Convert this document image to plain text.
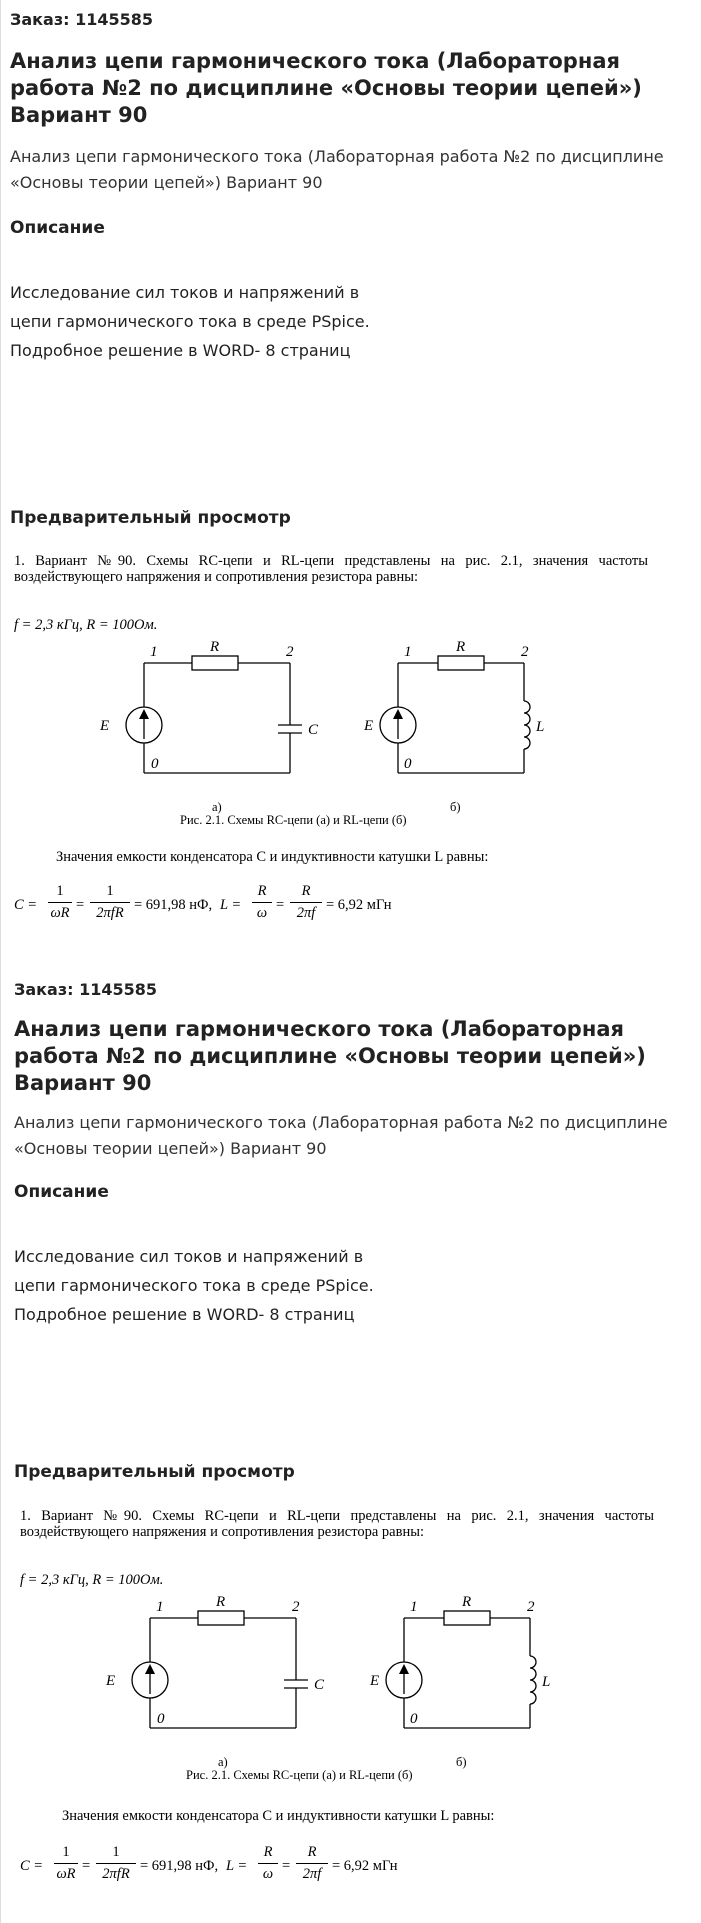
Заказ: 1145585
Анализ цепи гармонического тока (Лабораторная работа №2 по дисциплине «Основы теории цепей») Вариант 90
Анализ цепи гармонического тока (Лабораторная работа №2 по дисциплине «Основы теории цепей») Вариант 90
Описание
Исследование сил токов и напряжений в
цепи гармонического тока в среде PSpice.
Подробное решение в WORD- 8 страниц
Предварительный просмотр
1. Вариант №90. Схемы RC-цепи и RL-цепи представлены на рис. 2.1, значения частоты воздействующего напряжения и сопротивления резистора равны:
f = 2,3 кГц, R = 100Ом.
1	2
0
R
E	C
1	2
0
R
E	L
а)	б)
Рис. 2.1. Схемы RC-цепи (а) и RL-цепи (б)
Значения емкости конденсатора C и индуктивности катушки L равны:
C =
1
ωR =
1
2πfR = 691,98 нФ, L =
R
ω =
R
2πf = 6,92 мГн
Заказ: 1145585
Анализ цепи гармонического тока (Лабораторная работа №2 по дисциплине «Основы теории цепей») Вариант 90
Анализ цепи гармонического тока (Лабораторная работа №2 по дисциплине «Основы теории цепей») Вариант 90
Описание
Исследование сил токов и напряжений в
цепи гармонического тока в среде PSpice.
Подробное решение в WORD- 8 страниц
Предварительный просмотр
1. Вариант №90. Схемы RC-цепи и RL-цепи представлены на рис. 2.1, значения частоты воздействующего напряжения и сопротивления резистора равны:
f = 2,3 кГц, R = 100Ом.
1	2
0
R
E	C
1	2
0
R
E	L
а)	б)
Рис. 2.1. Схемы RC-цепи (а) и RL-цепи (б)
Значения емкости конденсатора C и индуктивности катушки L равны:
C =
1
ωR =
1
2πfR = 691,98 нФ, L =
R
ω =
R
2πf = 6,92 мГн
